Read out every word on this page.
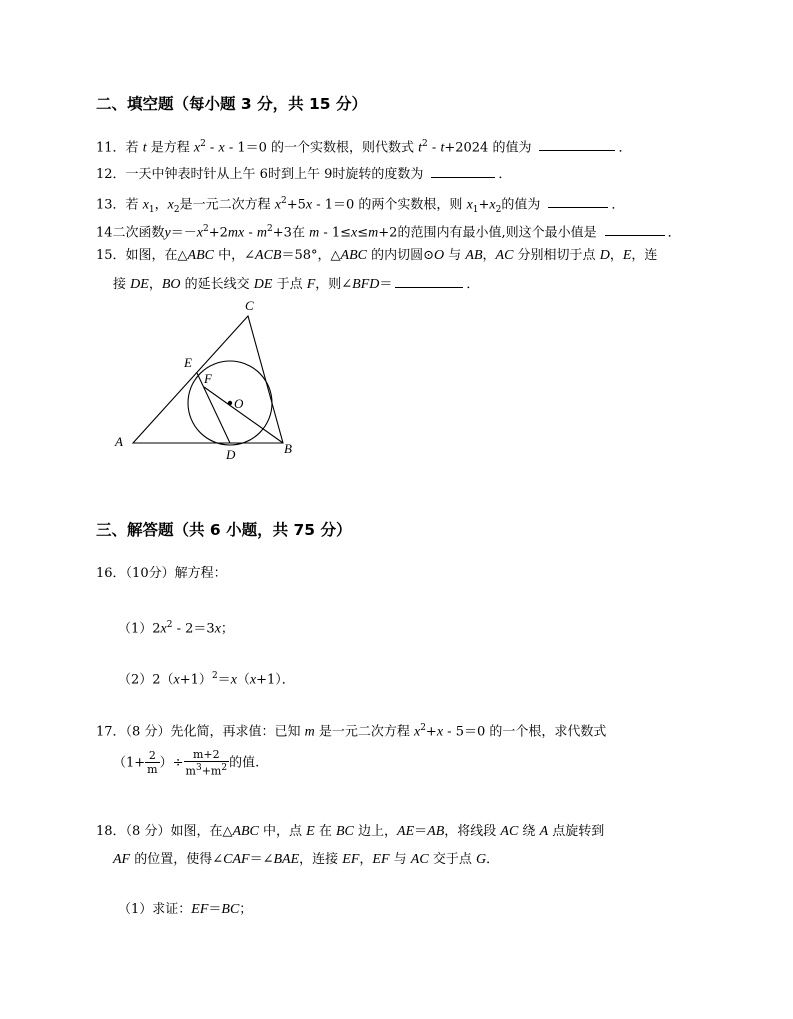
二、填空题（每小题 3 分，共 15 分）
11．若 t 是方程 $x^2 - x - 1=0$ 的一个实数根，则代数式 $t^2 - t+2024$ 的值为	．
12．一天中钟表时针从上午 6时到上午 9时旋转的度数为	．
13．若 $x_1$，$x_2$是一元二次方程 $x^2+5x - 1=0$ 的两个实数根，则 $x_1+x_2$的值为	．
14二次函数$y=-x^2+2mx - m^2+3$在 m - 1≤x≤m+2的范围内有最小值,则这个最小值是	．
15．如图，在△ABC 中，∠ACB＝58°，△ABC 的内切圆⊙O 与 AB，AC 分别相切于点 D，E，连
接 DE，BO 的延长线交 DE 于点 F，则∠BFD＝	．
A	B
C
D
E
F
O
三、解答题（共 6 小题，共 75 分）
16．（10分）解方程：
$(1)2x^2 - 2=3x$；
$(2)2(x+1)^2=x(x+1)$．
17．（8 分）先化简，再求值：已知 m 是一元二次方程 $x^2+x - 5=0$ 的一个根，求代数式
（$1+ \frac{2}{m}$ ）÷ $\frac{m+2}{m^3+m^2}$ 的值.
18．（8 分）如图，在△ABC 中，点 E 在 BC 边上，AE＝AB，将线段 AC 绕 A 点旋转到
AF 的位置，使得∠CAF＝∠BAE，连接 EF，EF 与 AC 交于点 G．
（1）求证：EF＝BC；
